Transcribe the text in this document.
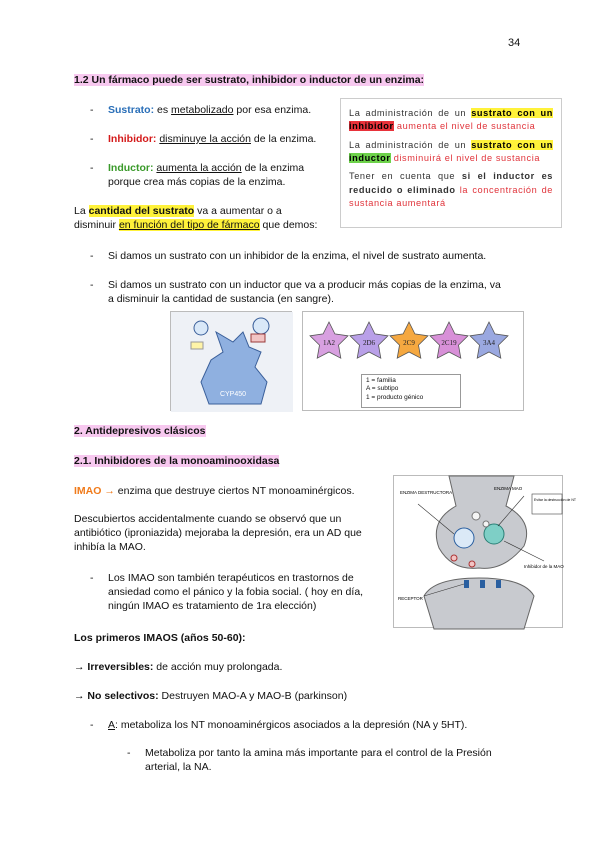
34
1.2 Un fármaco puede ser sustrato, inhibidor o inductor de un enzima:
- Sustrato: es metabolizado por esa enzima.
- Inhibidor: disminuye la acción de la enzima.
- Inductor: aumenta la acción de la enzima
porque crea más copias de la enzima.
La cantidad del sustrato va a aumentar o a
disminuir en función del tipo de fármaco que demos:

La administración de un sustrato con un inhibidor aumenta el nivel de sustancia

La administración de un sustrato con un inductor disminuirá el nivel de sustancia

Tener en cuenta que si el inductor es reducido o eliminado la concentración de sustancia aumentará

- Si damos un sustrato con un inhibidor de la enzima, el nivel de sustrato aumenta.
- Si damos un sustrato con un inductor que va a producir más copias de la enzima, va
a disminuir la cantidad de sustancia (en sangre).
CYP450
1A2	2D6	2C9	2C19	3A4
1 = familia
A = subtipo
1 = producto génico
2. Antidepresivos clásicos
2.1. Inhibidores de la monoaminooxidasa
IMAO → enzima que destruye ciertos NT monoaminérgicos.
Descubiertos accidentalmente cuando se observó que un
antibiótico (iproniazida) mejoraba la depresión, era un AD que
inhibía la MAO.
- Los IMAO son también terapéuticos en trastornos de
ansiedad como el pánico y la fobia social. ( hoy en día,
ningún IMAO es tratamiento de 1ra elección)
ENZIMA MAO
Evitar la destrucción de NT
ENZIMA DESTRUCTORA
RECEPTOR
Inhibidor de la MAO
Los primeros IMAOS (años 50-60):
→ Irreversibles: de acción muy prolongada.
→ No selectivos: Destruyen MAO-A y MAO-B (parkinson)
- A: metaboliza los NT monoaminérgicos asociados a la depresión (NA y 5HT).
- Metaboliza por tanto la amina más importante para el control de la Presión
arterial, la NA.
